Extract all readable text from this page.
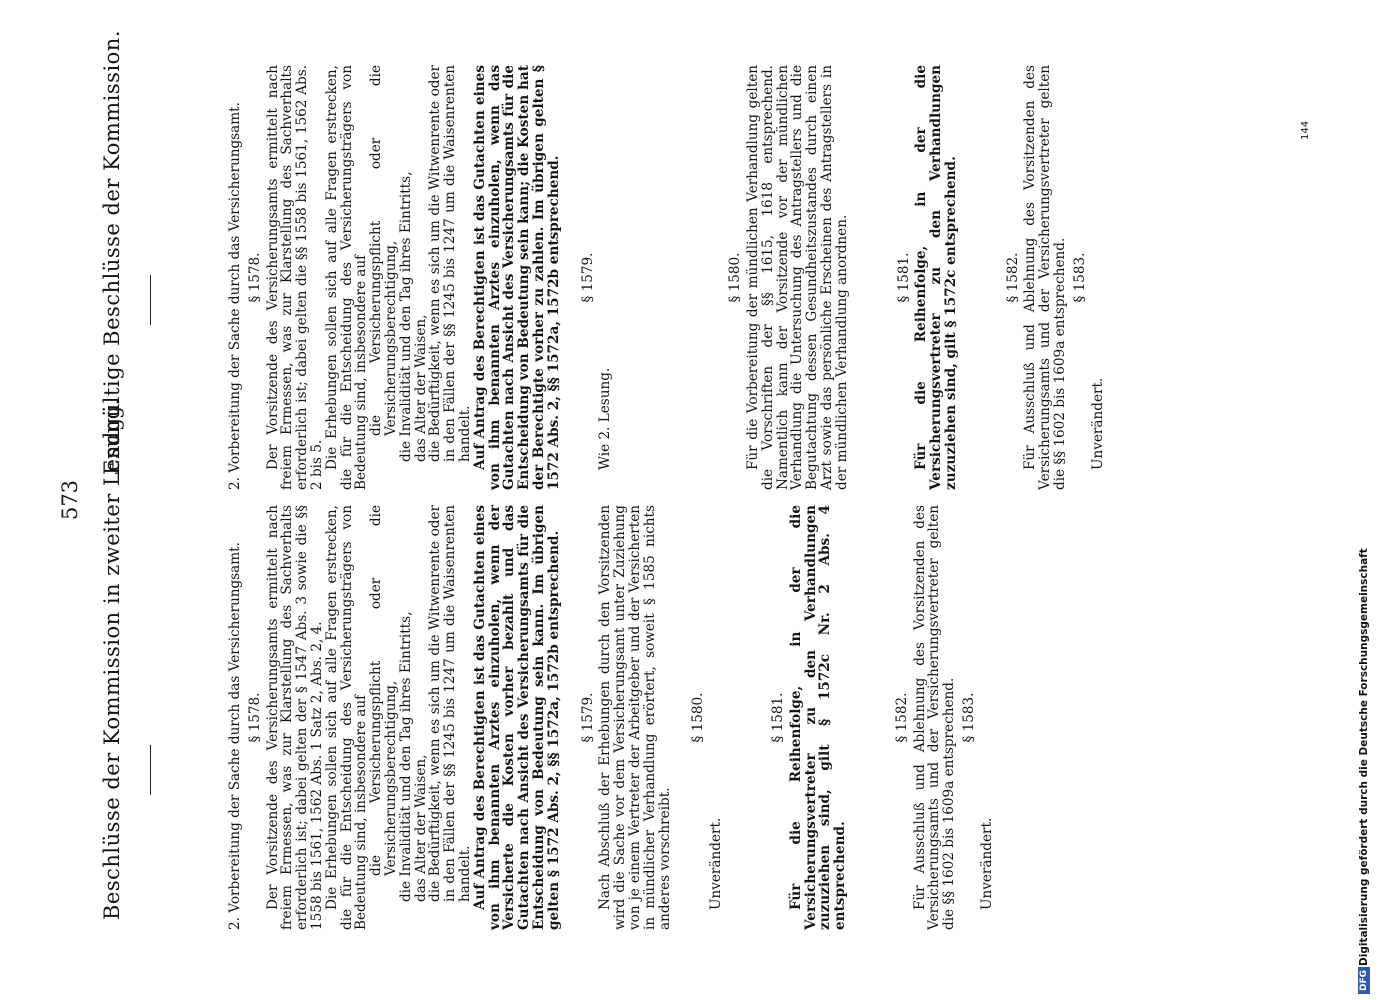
573 Beschlüsse der Kommission in zweiter Lesung.	2. Vorbereitung der Sache durch das Versicherungsamt. § 1578. Der Vorsitzende des Versicherungsamts ermittelt nach freiem Ermessen, was zur Klarstellung des Sachverhalts erforderlich ist; dabei gelten der § 1547 Abs. 3 sowie die §§ 1558 bis 1561, 1562 Abs. 1 Satz 2, Abs. 2, 4.

Die Erhebungen sollen sich auf alle Fragen erstrecken, die für die Entscheidung des Versicherungsträgers von Bedeutung sind, insbesondere auf

die Versicherungspflicht oder die Versicherungsberechtigung,

die Invalidität und den Tag ihres Eintritts,

das Alter der Waisen,

die Bedürftigkeit, wenn es sich um die Witwenrente oder in den Fällen der §§ 1245 bis 1247 um die Waisenrenten handelt.

Auf Antrag des Berechtigten ist das Gutachten eines von ihm benannten Arztes einzuholen, wenn der Versicherte die Kosten vorher bezahlt und das Gutachten nach Ansicht des Versicherungsamts für die Entscheidung von Bedeutung sein kann. Im übrigen gelten § 1572 Abs. 2, §§ 1572a, 1572b entsprechend. § 1579. Nach Abschluß der Erhebungen durch den Vorsitzenden wird die Sache vor dem Versicherungsamt unter Zuziehung von je einem Vertreter der Arbeitgeber und der Versicherten in mündlicher Verhandlung erörtert, soweit § 1585 nichts anderes vorschreibt.

§ 1580.

Unverändert.

§ 1581. Für die Reihenfolge, in der die Versicherungsvertreter zu den Verhandlungen zuzuziehen sind, gilt § 1572c Nr. 2 Abs. 4 entsprechend.

§ 1582. Für Ausschluß und Ablehnung des Vorsitzenden des Versicherungsamts und der Versicherungsvertreter gelten die §§ 1602 bis 1609a entsprechend. § 1583.

Unverändert.

Endgültige Beschlüsse der Kommission.	2. Vorbereitung der Sache durch das Versicherungsamt. § 1578. Der Vorsitzende des Versicherungsamts ermittelt nach freiem Ermessen, was zur Klarstellung des Sachverhalts erforderlich ist; dabei gelten die §§ 1558 bis 1561, 1562 Abs. 2 bis 5.

Die Erhebungen sollen sich auf alle Fragen erstrecken, die für die Entscheidung des Versicherungsträgers von Bedeutung sind, insbesondere auf

die Versicherungspflicht oder die Versicherungsberechtigung,

die Invalidität und den Tag ihres Eintritts,

das Alter der Waisen,

die Bedürftigkeit, wenn es sich um die Witwenrente oder in den Fällen der §§ 1245 bis 1247 um die Waisenrenten handelt.

Auf Antrag des Berechtigten ist das Gutachten eines von ihm benannten Arztes einzuholen, wenn das Gutachten nach Ansicht des Versicherungsamts für die Entscheidung von Bedeutung sein kann; die Kosten hat der Berechtigte vorher zu zahlen. Im übrigen gelten § 1572 Abs. 2, §§ 1572a, 1572b entsprechend. § 1579.

Wie 2. Lesung.

§ 1580. Für die Vorbereitung der mündlichen Verhandlung gelten die Vorschriften der §§ 1615, 1618 entsprechend. Namentlich kann der Vorsitzende vor der mündlichen Verhandlung die Untersuchung des Antragstellers und die Begutachtung dessen Gesundheitszustandes durch einen Arzt sowie das persönliche Erscheinen des Antragstellers in der mündlichen Verhandlung anordnen.	§ 1581. Für die Reihenfolge, in der die Versicherungsvertreter zu den Verhandlungen zuzuziehen sind, gilt § 1572c entsprechend.	§ 1582. Für Ausschluß und Ablehnung des Vorsitzenden des Versicherungsamts und der Versicherungsvertreter gelten die §§ 1602 bis 1609a entsprechend. § 1583.

Unverändert.

144
DFG
Digitalisierung gefördert durch die Deutsche Forschungsgemeinschaft
